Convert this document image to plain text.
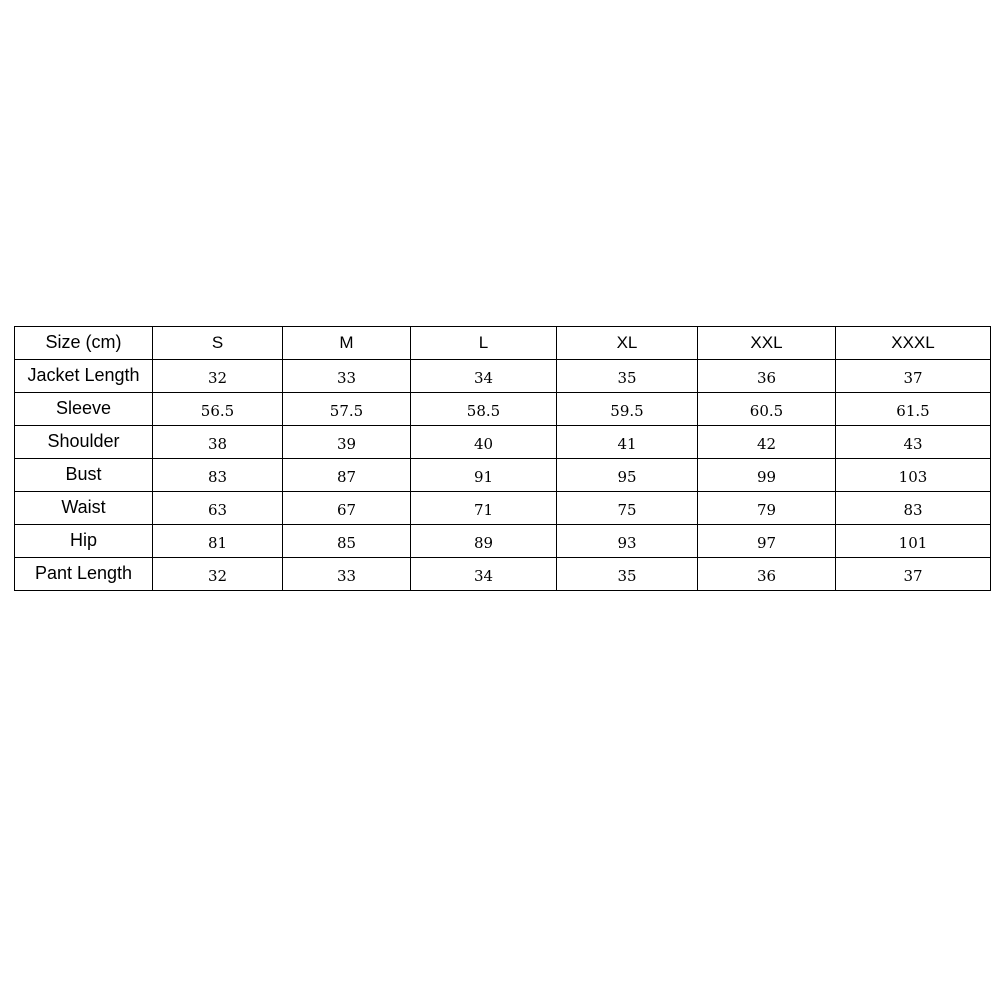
Size (cm)	S	M	L	XL	XXL	XXXL
Jacket Length	32	33	34	35	36	37
Sleeve	56.5	57.5	58.5	59.5	60.5	61.5
Shoulder	38	39	40	41	42	43
Bust	83	87	91	95	99	103
Waist	63	67	71	75	79	83
Hip	81	85	89	93	97	101
Pant Length	32	33	34	35	36	37
